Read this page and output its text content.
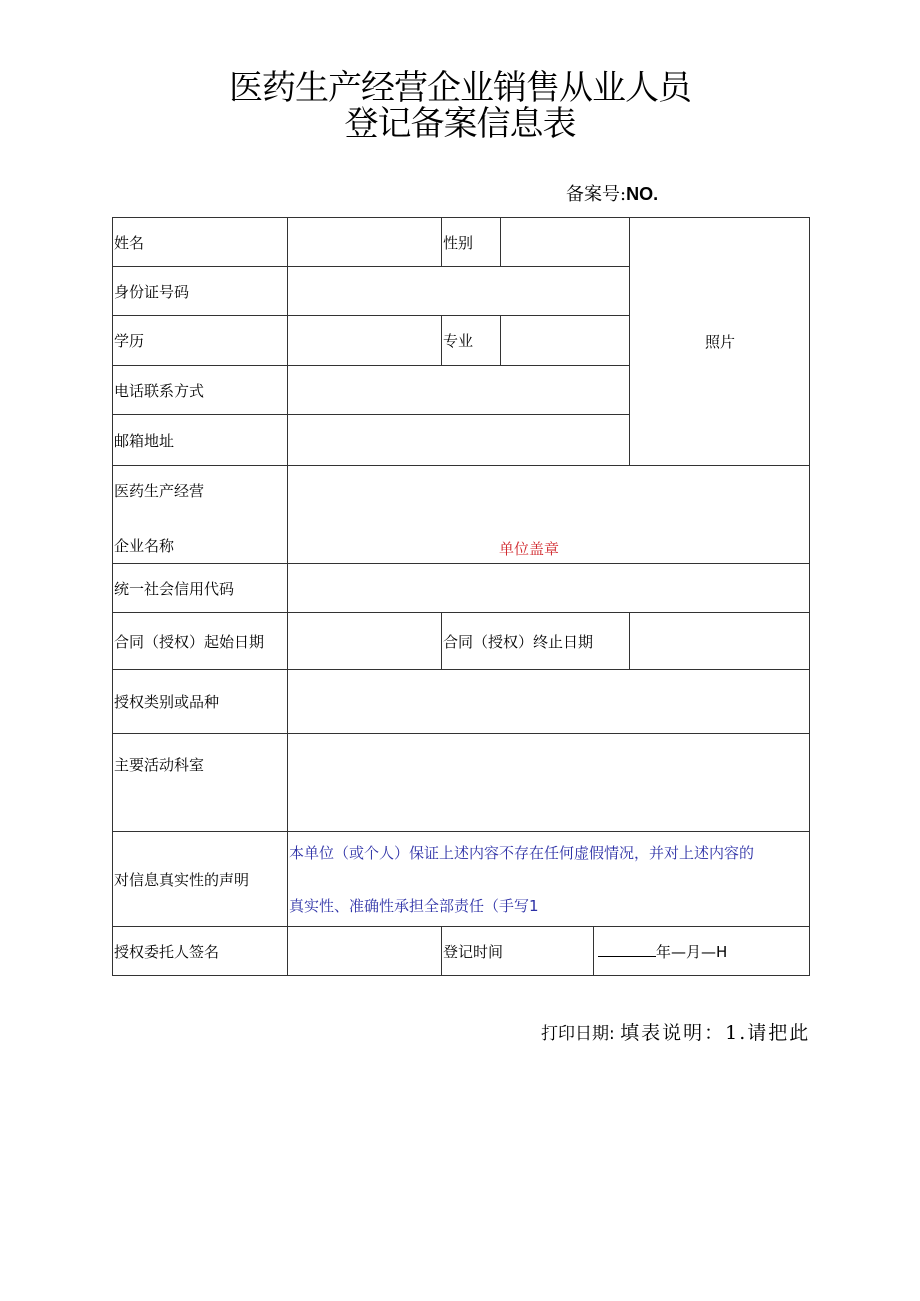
医药生产经营企业销售从业人员
登记备案信息表
备案号:NO.
姓名		性别			照片
身份证号码					
学历		专业			
电话联系方式					
邮箱地址					
医药生产经营
企业名称	单位盖章				
统一社会信用代码					
合同（授权）起始日期		合同（授权）终止日期			
授权类别或品种					
主要活动科室					
对信息真实性的声明	本单位（或个人）保证上述内容不存在任何虚假情况，并对上述内容的
真实性、准确性承担全部责任（手写1				

授权委托人签名		登记时间		年—月—H	
打印日期: 填表说明：1.请把此
